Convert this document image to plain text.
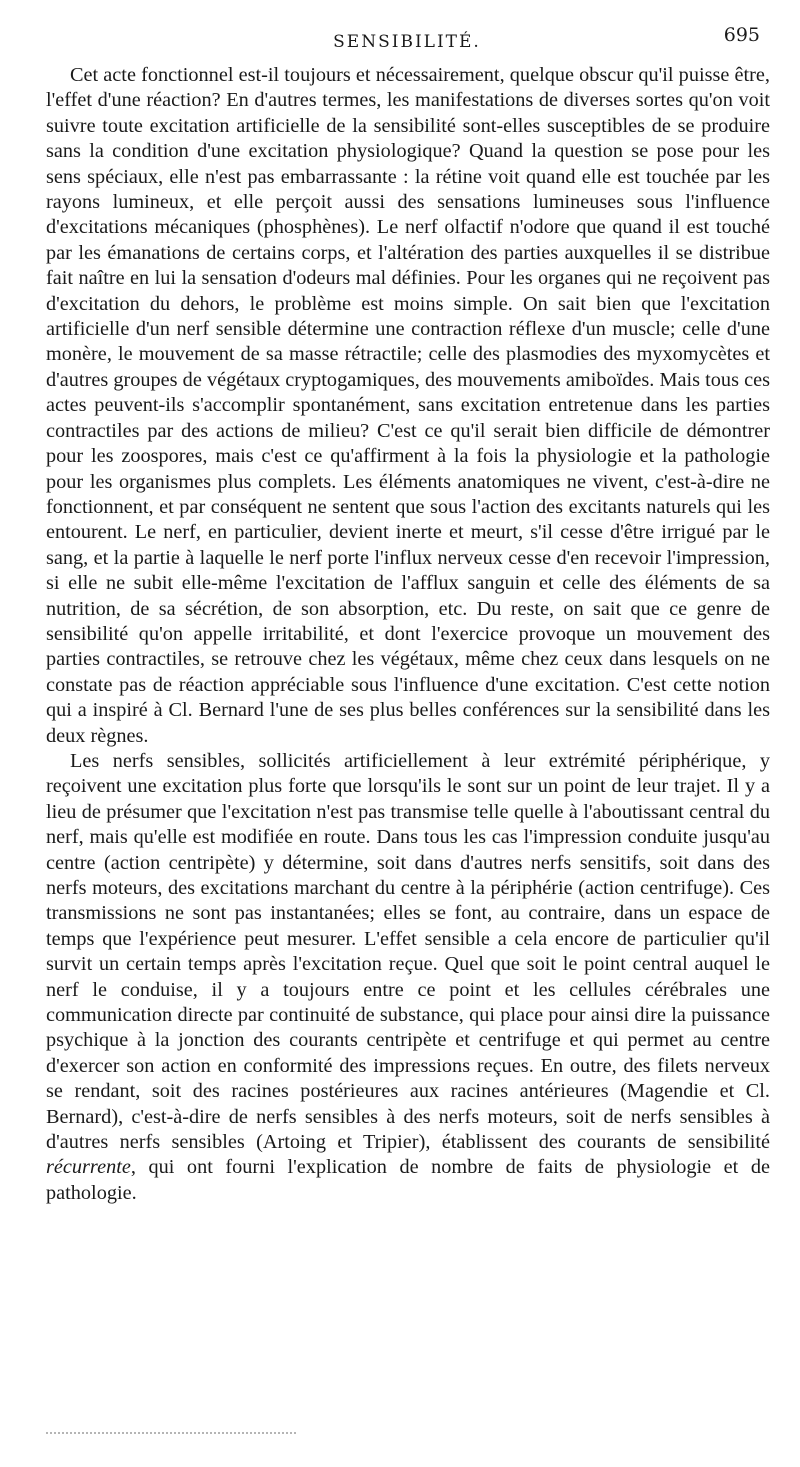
SENSIBILITÉ.	695

Cet acte fonctionnel est-il toujours et nécessairement, quelque obscur qu'il puisse être, l'effet d'une réaction? En d'autres termes, les manifestations de diverses sortes qu'on voit suivre toute excitation artificielle de la sensibilité sont-elles susceptibles de se produire sans la condition d'une excitation physiologique? Quand la question se pose pour les sens spéciaux, elle n'est pas embarrassante : la rétine voit quand elle est touchée par les rayons lumineux, et elle perçoit aussi des sensations lumineuses sous l'influence d'excitations mécaniques (phosphènes). Le nerf olfactif n'odore que quand il est touché par les émanations de certains corps, et l'altération des parties auxquelles il se distribue fait naître en lui la sensation d'odeurs mal définies. Pour les organes qui ne reçoivent pas d'excitation du dehors, le problème est moins simple. On sait bien que l'excitation artificielle d'un nerf sensible détermine une contraction réflexe d'un muscle; celle d'une monère, le mouvement de sa masse rétractile; celle des plasmodies des myxomycètes et d'autres groupes de végétaux cryptogamiques, des mouvements amiboïdes. Mais tous ces actes peuvent-ils s'accomplir spontanément, sans excitation entretenue dans les parties contractiles par des actions de milieu? C'est ce qu'il serait bien difficile de démontrer pour les zoospores, mais c'est ce qu'affirment à la fois la physiologie et la pathologie pour les organismes plus complets. Les éléments anatomiques ne vivent, c'est-à-dire ne fonctionnent, et par conséquent ne sentent que sous l'action des excitants naturels qui les entourent. Le nerf, en particulier, devient inerte et meurt, s'il cesse d'être irrigué par le sang, et la partie à laquelle le nerf porte l'influx nerveux cesse d'en recevoir l'impression, si elle ne subit elle-même l'excitation de l'afflux sanguin et celle des éléments de sa nutrition, de sa sécrétion, de son absorption, etc. Du reste, on sait que ce genre de sensibilité qu'on appelle irritabilité, et dont l'exercice provoque un mouvement des parties contractiles, se retrouve chez les végétaux, même chez ceux dans lesquels on ne constate pas de réaction appréciable sous l'influence d'une excitation. C'est cette notion qui a inspiré à Cl. Bernard l'une de ses plus belles conférences sur la sensibilité dans les deux règnes.

Les nerfs sensibles, sollicités artificiellement à leur extrémité périphérique, y reçoivent une excitation plus forte que lorsqu'ils le sont sur un point de leur trajet. Il y a lieu de présumer que l'excitation n'est pas transmise telle quelle à l'aboutissant central du nerf, mais qu'elle est modifiée en route. Dans tous les cas l'impression conduite jusqu'au centre (action centripète) y détermine, soit dans d'autres nerfs sensitifs, soit dans des nerfs moteurs, des excitations marchant du centre à la périphérie (action centrifuge). Ces transmissions ne sont pas instantanées; elles se font, au contraire, dans un espace de temps que l'expérience peut mesurer. L'effet sensible a cela encore de particulier qu'il survit un certain temps après l'excitation reçue. Quel que soit le point central auquel le nerf le conduise, il y a toujours entre ce point et les cellules cérébrales une communication directe par continuité de substance, qui place pour ainsi dire la puissance psychique à la jonction des courants centripète et centrifuge et qui permet au centre d'exercer son action en conformité des impressions reçues. En outre, des filets nerveux se rendant, soit des racines postérieures aux racines antérieures (Magendie et Cl. Bernard), c'est-à-dire de nerfs sensibles à des nerfs moteurs, soit de nerfs sensibles à d'autres nerfs sensibles (Artoing et Tripier), établissent des courants de sensibilité récurrente, qui ont fourni l'explication de nombre de faits de physiologie et de pathologie.
